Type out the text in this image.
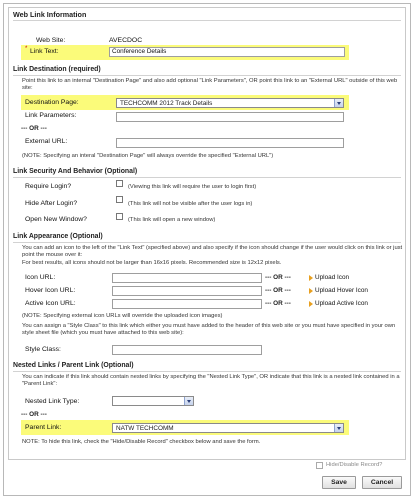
Web Link Information
Web Site:	AVECDOC
* Link Text:	Conference Details
Link Destination (required)
Point this link to an internal "Destination Page" and also add optional "Link Parameters", OR point this link to an "External URL" outside of this web site:
Destination Page:	TECHCOMM 2012 Track Details
Link Parameters:
--- OR ---
External URL:
(NOTE: Specifying an interal "Destination Page" will always override the specified "External URL")
Link Security And Behavior (Optional)
Require Login?	(Viewing this link will require the user to login first)
Hide After Login?	(This link will not be visible after the user logs in)
Open New Window?	(This link will open a new window)
Link Appearance (Optional)
You can add an icon to the left of the "Link Text" (specified above) and also specify if the icon should change if the user would click on this link or just point the mouse over it:
For best results, all icons should not be larger than 16x16 pixels. Recommended size is 12x12 pixels.
Icon URL:	--- OR ---	Upload Icon
Hover Icon URL:	--- OR ---	Upload Hover Icon
Active Icon URL:	--- OR ---	Upload Active Icon
(NOTE: Specifying external icon URLs will override the uploaded icon images)
You can assign a "Style Class" to this link which either you must have added to the header of this web site or you must have specified in your own style sheet file (which you must have attached to this web site):
Style Class:
Nested Links / Parent Link (Optional)
You can indicate if this link should contain nested links by specifying the "Nested Link Type", OR indicate that this link is a nested link contained in a "Parent Link":
Nested Link Type:
--- OR ---
Parent Link:	NATW TECHCOMM
NOTE: To hide this link, check the "Hide/Disable Record" checkbox below and save the form.
Hide/Disable Record?
Save	Cancel
